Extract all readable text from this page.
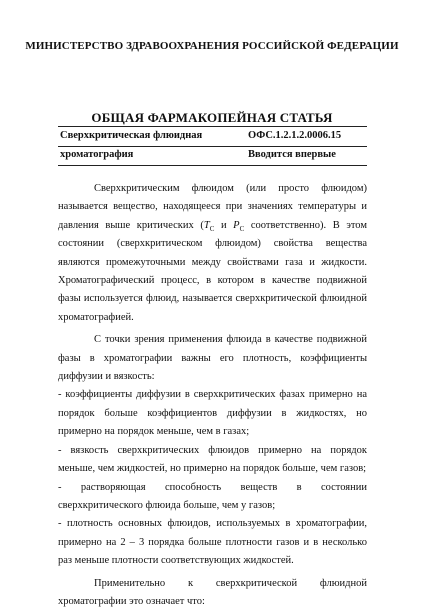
МИНИСТЕРСТВО ЗДРАВООХРАНЕНИЯ РОССИЙСКОЙ ФЕДЕРАЦИИ
ОБЩАЯ ФАРМАКОПЕЙНАЯ СТАТЬЯ
Сверхкритическая флюидная
хроматография
ОФС.1.2.1.2.0006.15
Вводится впервые

Сверхкритическим флюидом (или просто флюидом) называется вещество, находящееся при значениях температуры и давления выше критических ($T_C$ и $P_C$ соответственно). В этом состоянии (сверхкритическом флюидом) свойства вещества являются промежуточными между свойствами газа и жидкости. Хроматографический процесс, в котором в качестве подвижной фазы используется флюид, называется сверхкритической флюидной хроматографией.

С точки зрения применения флюида в качестве подвижной фазы в хроматографии важны его плотность, коэффициенты диффузии и вязкость:

- коэффициенты диффузии в сверхкритических фазах примерно на порядок больше коэффициентов диффузии в жидкостях, но примерно на порядок меньше, чем в газах;

- вязкость сверхкритических флюидов примерно на порядок меньше, чем жидкостей, но примерно на порядок больше, чем газов;

- растворяющая способность веществ в состоянии сверхкритического флюида больше, чем у газов;

- плотность основных флюидов, используемых в хроматографии, примерно на 2 – 3 порядка больше плотности газов и в несколько раз меньше плотности соответствующих жидкостей.

Применительно к сверхкритической флюидной хроматографии это означает что:
